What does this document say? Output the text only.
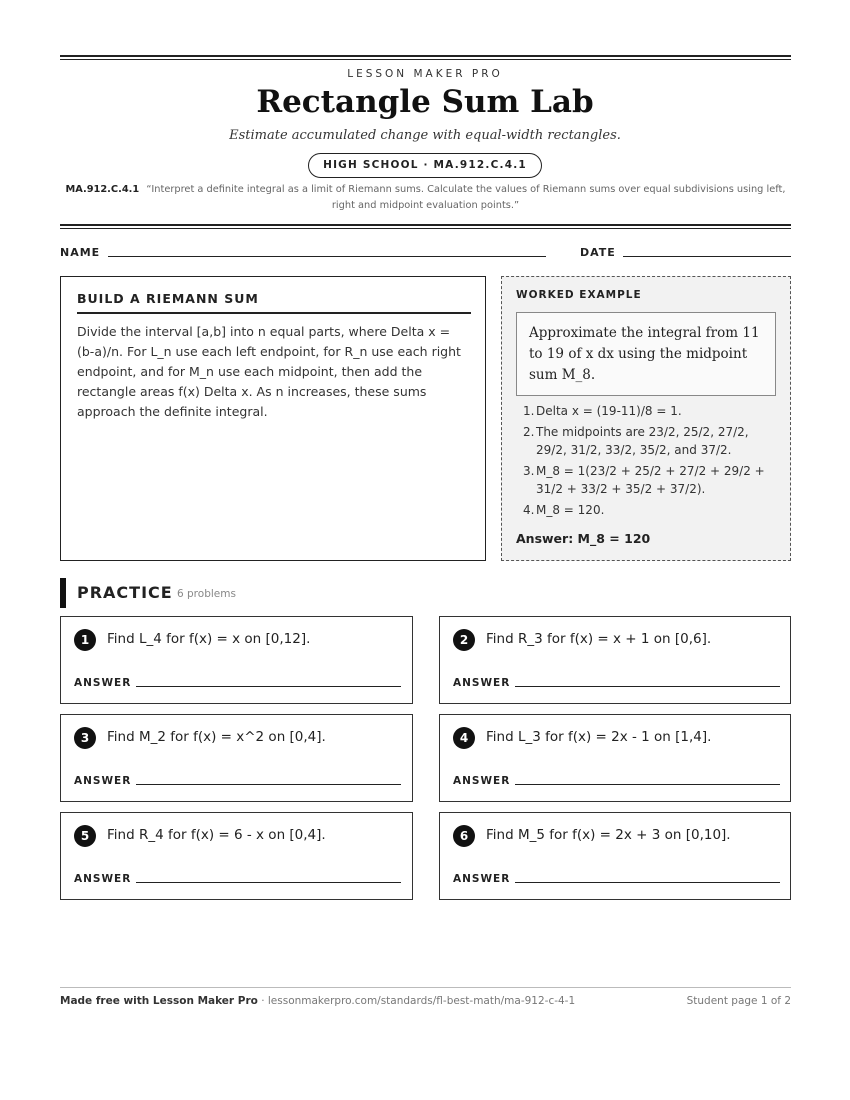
LESSON MAKER PRO
Rectangle Sum Lab
Estimate accumulated change with equal-width rectangles.
HIGH SCHOOL · MA.912.C.4.1
MA.912.C.4.1 “Interpret a definite integral as a limit of Riemann sums. Calculate the values of Riemann sums over equal subdivisions using left, right and midpoint evaluation points.”
NAME	DATE
BUILD A RIEMANN SUM

Divide the interval [a,b] into n equal parts, where Delta x = (b-a)/n. For L_n use each left endpoint, for R_n use each right endpoint, and for M_n use each midpoint, then add the rectangle areas f(x) Delta x. As n increases, these sums approach the definite integral.

WORKED EXAMPLE
Approximate the integral from 11 to 19 of x dx using the midpoint sum M_8.
1. Delta x = (19-11)/8 = 1.
2. The midpoints are 23/2, 25/2, 27/2, 29/2, 31/2, 33/2, 35/2, and 37/2.
3. M_8 = 1(23/2 + 25/2 + 27/2 + 29/2 + 31/2 + 33/2 + 35/2 + 37/2).
4. M_8 = 120.
Answer: M_8 = 120
PRACTICE 6 problems
1	Find L_4 for f(x) = x on [0,12].
ANSWER
2	Find R_3 for f(x) = x + 1 on [0,6].
ANSWER
3	Find M_2 for f(x) = x^2 on [0,4].
ANSWER
4	Find L_3 for f(x) = 2x - 1 on [1,4].
ANSWER
5	Find R_4 for f(x) = 6 - x on [0,4].
ANSWER
6	Find M_5 for f(x) = 2x + 3 on [0,10].
ANSWER
Made free with Lesson Maker Pro · lessonmakerpro.com/standards/fl-best-math/ma-912-c-4-1	Student page 1 of 2
